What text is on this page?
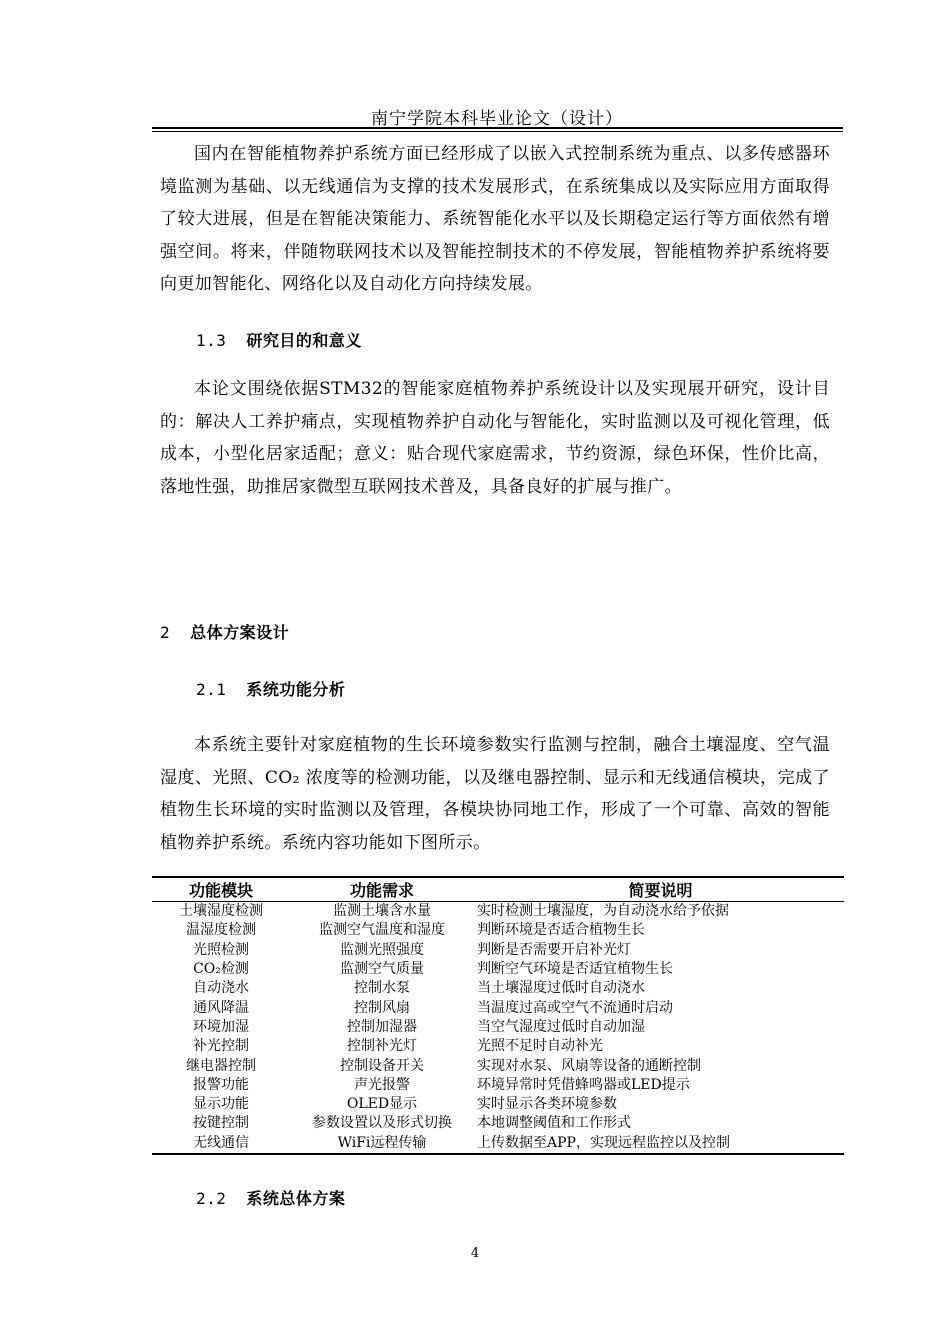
南宁学院本科毕业论文（设计）

国内在智能植物养护系统方面已经形成了以嵌入式控制系统为重点、以多传感器环境监测为基础、以无线通信为支撑的技术发展形式，在系统集成以及实际应用方面取得了较大进展，但是在智能决策能力、系统智能化水平以及长期稳定运行等方面依然有增强空间。将来，伴随物联网技术以及智能控制技术的不停发展，智能植物养护系统将要向更加智能化、网络化以及自动化方向持续发展。

1.3 研究目的和意义

本论文围绕依据STM32的智能家庭植物养护系统设计以及实现展开研究，设计目的：解决人工养护痛点，实现植物养护自动化与智能化，实时监测以及可视化管理，低成本，小型化居家适配；意义：贴合现代家庭需求，节约资源，绿色环保，性价比高，落地性强，助推居家微型互联网技术普及，具备良好的扩展与推广。

2 总体方案设计
2.1 系统功能分析

本系统主要针对家庭植物的生长环境参数实行监测与控制，融合土壤湿度、空气温湿度、光照、CO₂ 浓度等的检测功能，以及继电器控制、显示和无线通信模块，完成了植物生长环境的实时监测以及管理，各模块协同地工作，形成了一个可靠、高效的智能植物养护系统。系统内容功能如下图所示。

功能模块	功能需求	简要说明
土壤湿度检测	监测土壤含水量	实时检测土壤湿度，为自动浇水给予依据
温湿度检测	监测空气温度和湿度	判断环境是否适合植物生长
光照检测	监测光照强度	判断是否需要开启补光灯
CO₂检测	监测空气质量	判断空气环境是否适宜植物生长
自动浇水	控制水泵	当土壤湿度过低时自动浇水
通风降温	控制风扇	当温度过高或空气不流通时启动
环境加湿	控制加湿器	当空气湿度过低时自动加湿
补光控制	控制补光灯	光照不足时自动补光
继电器控制	控制设备开关	实现对水泵、风扇等设备的通断控制
报警功能	声光报警	环境异常时凭借蜂鸣器或LED提示
显示功能	OLED显示	实时显示各类环境参数
按键控制	参数设置以及形式切换	本地调整阈值和工作形式
无线通信	WiFi远程传输	上传数据至APP，实现远程监控以及控制
2.2 系统总体方案
4
